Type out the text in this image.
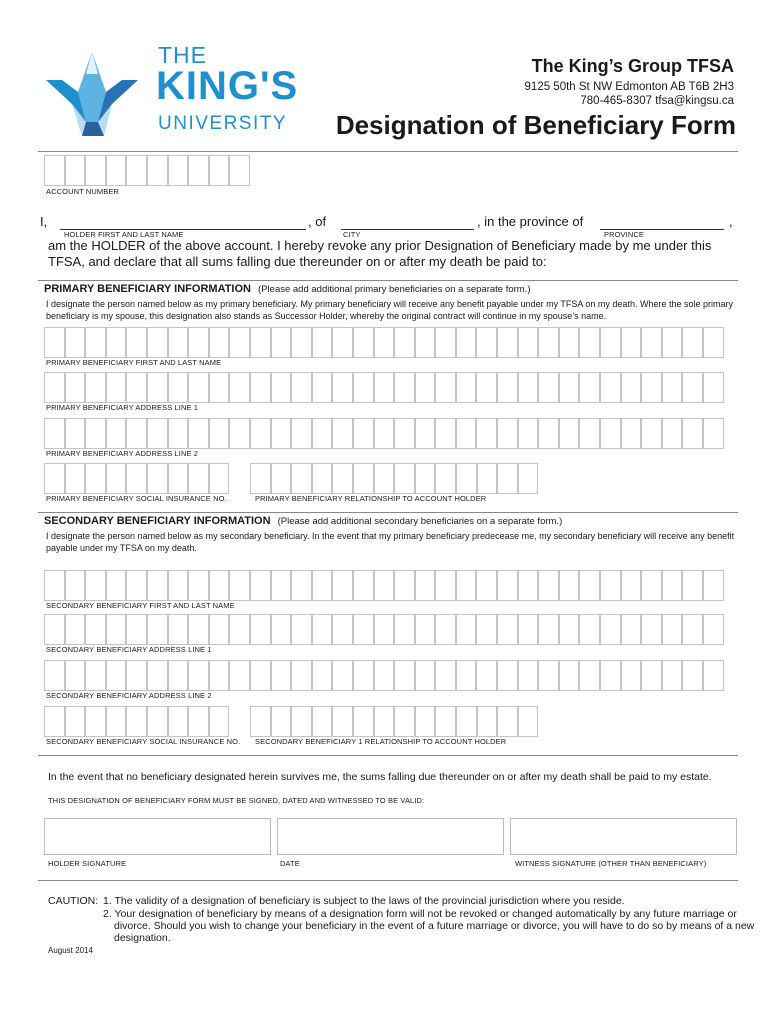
THE
KING'S
UNIVERSITY
The King’s Group TFSA
9125 50th St NW Edmonton AB T6B 2H3
780-465-8307 tfsa@kingsu.ca
Designation of Beneficiary Form
ACCOUNT NUMBER
I,	, of	, in the province of	,
HOLDER FIRST AND LAST NAME	CITY	PROVINCE
am the HOLDER of the above account. I hereby revoke any prior Designation of Beneficiary made by me under this TFSA, and declare that all sums falling due thereunder on or after my death be paid to:
PRIMARY BENEFICIARY INFORMATION (Please add additional primary beneficiaries on a separate form.)
I designate the person named below as my primary beneficiary. My primary beneficiary will receive any benefit payable under my TFSA on my death. Where the sole primary beneficiary is my spouse, this designation also stands as Successor Holder, whereby the original contract will continue in my spouse’s name.
PRIMARY BENEFICIARY FIRST AND LAST NAME
PRIMARY BENEFICIARY ADDRESS LINE 1
PRIMARY BENEFICIARY ADDRESS LINE 2
PRIMARY BENEFICIARY SOCIAL INSURANCE NO.	PRIMARY BENEFICIARY RELATIONSHIP TO ACCOUNT HOLDER
SECONDARY BENEFICIARY INFORMATION (Please add additional secondary beneficiaries on a separate form.)
I designate the person named below as my secondary beneficiary. In the event that my primary beneficiary predecease me, my secondary beneficiary will receive any benefit payable under my TFSA on my death.
SECONDARY BENEFICIARY FIRST AND LAST NAME
SECONDARY BENEFICIARY ADDRESS LINE 1
SECONDARY BENEFICIARY ADDRESS LINE 2
SECONDARY BENEFICIARY SOCIAL INSURANCE NO. SECONDARY BENEFICIARY 1 RELATIONSHIP TO ACCOUNT HOLDER
In the event that no beneficiary designated herein survives me, the sums falling due thereunder on or after my death shall be paid to my estate.
THIS DESIGNATION OF BENEFICIARY FORM MUST BE SIGNED, DATED AND WITNESSED TO BE VALID:
HOLDER SIGNATURE	DATE	WITNESS SIGNATURE (OTHER THAN BENEFICIARY)
CAUTION: 1. The validity of a designation of beneficiary is subject to the laws of the provincial jurisdiction where you reside.
2. Your designation of beneficiary by means of a designation form will not be revoked or changed automatically by any future marriage or
divorce. Should you wish to change your beneficiary in the event of a future marriage or divorce, you will have to do so by means of a new
designation.
August 2014
